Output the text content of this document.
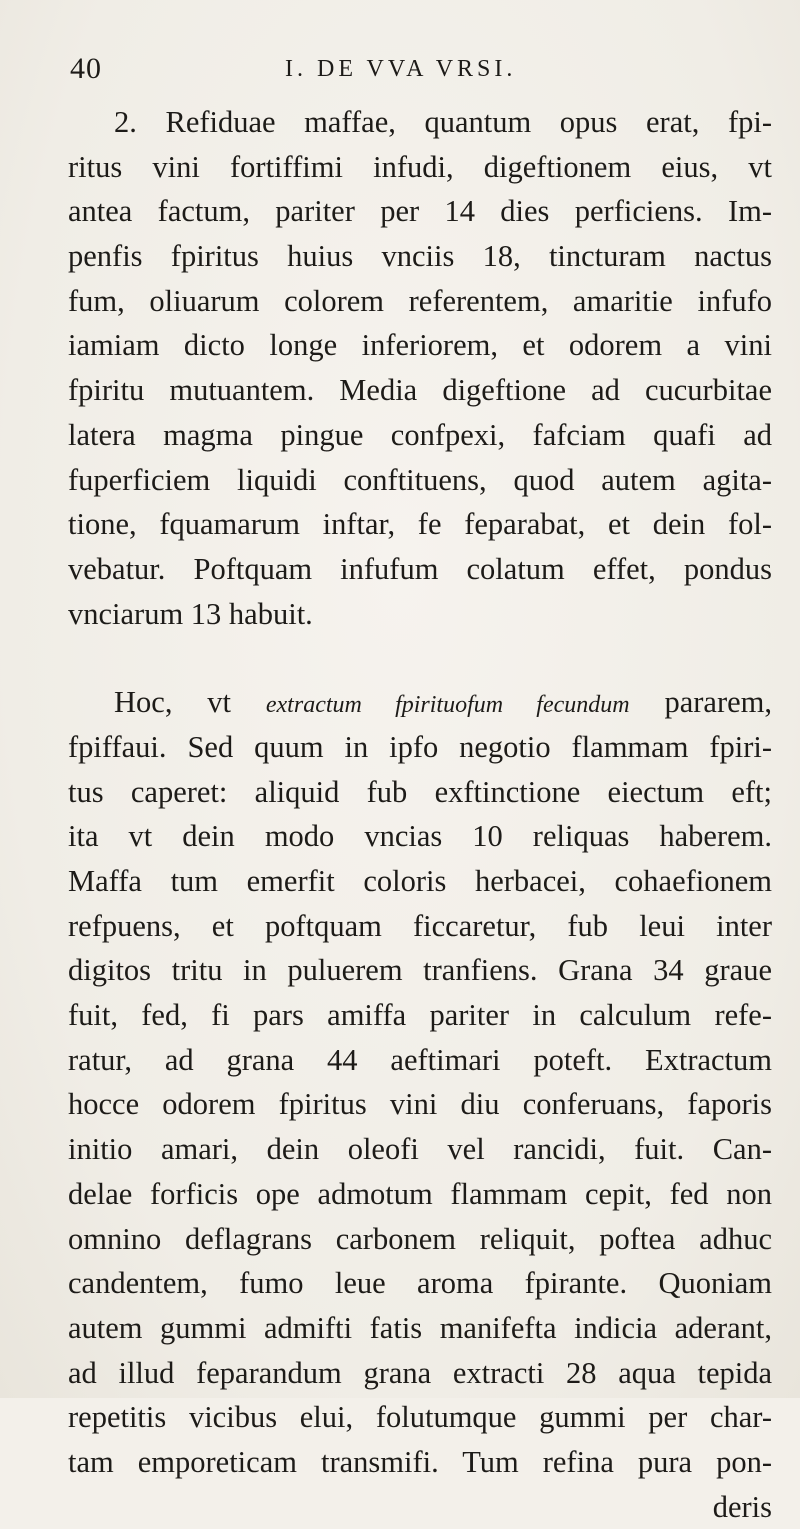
40	I. DE VVA VRSI.
2. Refiduae maffae, quantum opus erat, fpi-
ritus vini fortiffimi infudi, digeftionem eius, vt
antea factum, pariter per 14 dies perficiens. Im-
penfis fpiritus huius vnciis 18, tincturam nactus
fum, oliuarum colorem referentem, amaritie infufo
iamiam dicto longe inferiorem, et odorem a vini
fpiritu mutuantem. Media digeftione ad cucurbitae
latera magma pingue confpexi, fafciam quafi ad
fuperficiem liquidi conftituens, quod autem agita-
tione, fquamarum inftar, fe feparabat, et dein fol-
vebatur. Poftquam infufum colatum effet, pondus
vnciarum 13 habuit.
Hoc, vt extractum fpirituofum fecundum pararem,
fpiffaui. Sed quum in ipfo negotio flammam fpiri-
tus caperet: aliquid fub exftinctione eiectum eft;
ita vt dein modo vncias 10 reliquas haberem.
Maffa tum emerfit coloris herbacei, cohaefionem
refpuens, et poftquam ficcaretur, fub leui inter
digitos tritu in puluerem tranfiens. Grana 34 graue
fuit, fed, fi pars amiffa pariter in calculum refe-
ratur, ad grana 44 aeftimari poteft. Extractum
hocce odorem fpiritus vini diu conferuans, faporis
initio amari, dein oleofi vel rancidi, fuit. Can-
delae forficis ope admotum flammam cepit, fed non
omnino deflagrans carbonem reliquit, poftea adhuc
candentem, fumo leue aroma fpirante. Quoniam
autem gummi admifti fatis manifefta indicia aderant,
ad illud feparandum grana extracti 28 aqua tepida
repetitis vicibus elui, folutumque gummi per char-
tam emporeticam transmifi. Tum refina pura pon-
deris
